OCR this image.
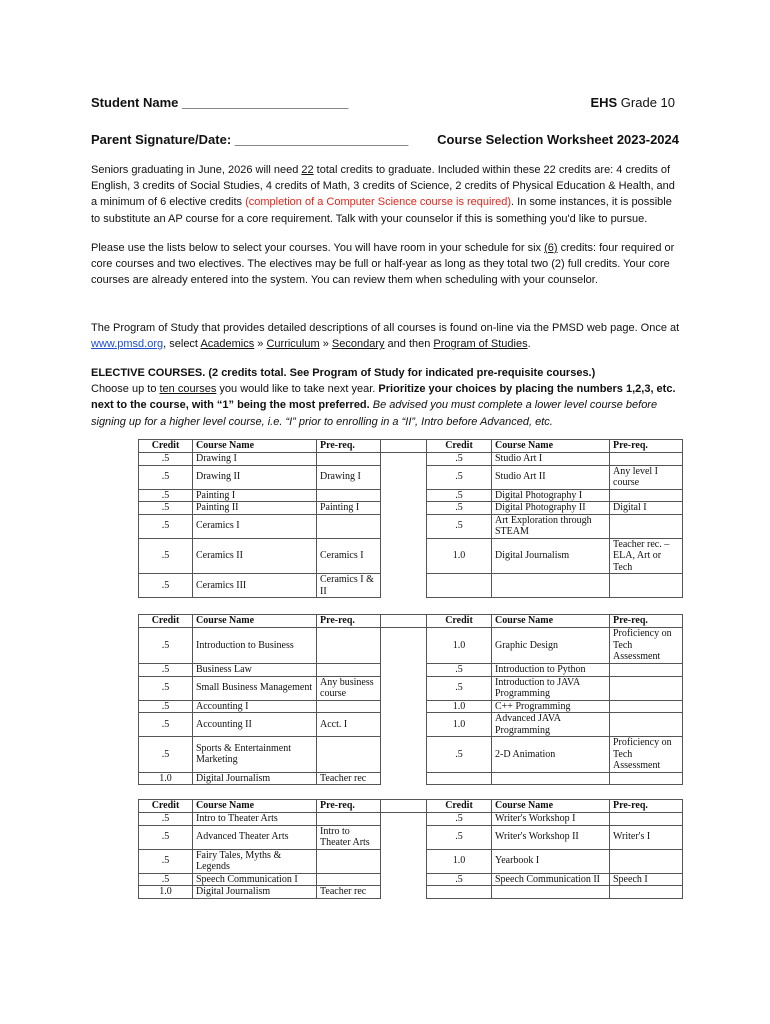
Student Name _______________________	EHS Grade 10
Parent Signature/Date: ________________________ Course Selection Worksheet 2023-2024
Seniors graduating in June, 2026 will need 22 total credits to graduate. Included within these 22 credits are: 4 credits of English, 3 credits of Social Studies, 4 credits of Math, 3 credits of Science, 2 credits of Physical Education & Health, and a minimum of 6 elective credits (completion of a Computer Science course is required). In some instances, it is possible to substitute an AP course for a core requirement. Talk with your counselor if this is something you'd like to pursue.
Please use the lists below to select your courses. You will have room in your schedule for six (6) credits: four required or core courses and two electives. The electives may be full or half-year as long as they total two (2) full credits. Your core courses are already entered into the system. You can review them when scheduling with your counselor.
The Program of Study that provides detailed descriptions of all courses is found on-line via the PMSD web page. Once at www.pmsd.org, select Academics » Curriculum » Secondary and then Program of Studies.
ELECTIVE COURSES. (2 credits total. See Program of Study for indicated pre-requisite courses.)
Choose up to ten courses you would like to take next year. Prioritize your choices by placing the numbers 1,2,3, etc. next to the course, with “1” being the most preferred. Be advised you must complete a lower level course before signing up for a higher level course, i.e. “I” prior to enrolling in a “II”, Intro before Advanced, etc.
Credit	Course Name	Pre-req.		Credit	Course Name	Pre-req.
.5	Drawing I			.5	Studio Art I	
.5	Drawing II	Drawing I		.5	Studio Art II	Any level I course
.5	Painting I			.5	Digital Photography I	
.5	Painting II	Painting I		.5	Digital Photography II	Digital I
.5	Ceramics I			.5	Art Exploration through STEAM	
.5	Ceramics II	Ceramics I		1.0	Digital Journalism	Teacher rec. – ELA, Art or Tech
.5	Ceramics III	Ceramics I & II				
Credit	Course Name	Pre-req.		Credit	Course Name	Pre-req.
.5	Introduction to Business			1.0	Graphic Design	Proficiency on Tech Assessment
.5	Business Law			.5	Introduction to Python	
.5	Small Business Management	Any business course		.5	Introduction to JAVA Programming	
.5	Accounting I			1.0	C++ Programming	
.5	Accounting II	Acct. I		1.0	Advanced JAVA Programming	
.5	Sports & Entertainment Marketing			.5	2-D Animation	Proficiency on Tech Assessment
1.0	Digital Journalism	Teacher rec				
Credit	Course Name	Pre-req.		Credit	Course Name	Pre-req.
.5	Intro to Theater Arts			.5	Writer's Workshop I	
.5	Advanced Theater Arts	Intro to Theater Arts		.5	Writer's Workshop II	Writer's I
.5	Fairy Tales, Myths & Legends			1.0	Yearbook I	
.5	Speech Communication I			.5	Speech Communication II	Speech I
1.0	Digital Journalism	Teacher rec				
